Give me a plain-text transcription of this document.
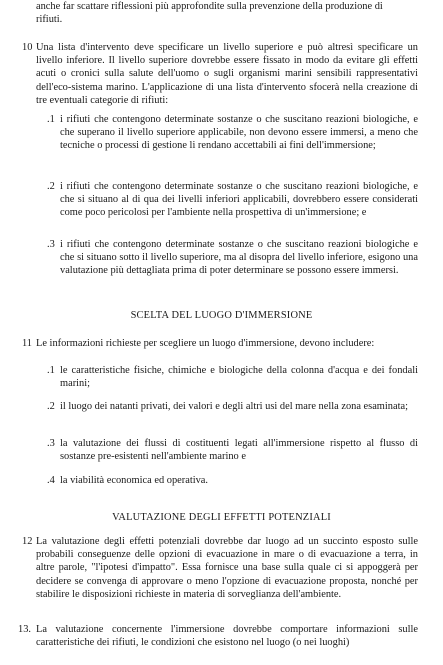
anche far scattare riflessioni più approfondite sulla prevenzione della produzione di

rifiuti.

10 Una lista d'intervento deve specificare un livello superiore e può altresì specificare un livello inferiore. Il livello superiore dovrebbe essere fissato in modo da evitare gli effetti acuti o cronici sulla salute dell'uomo o sugli organismi marini sensibili rappresentativi dell'eco-sistema marino. L'applicazione di una lista d'intervento sfocerà nella creazione di tre eventuali categorie di rifiuti:

.1 i rifiuti che contengono determinate sostanze o che suscitano reazioni biologiche, e che superano il livello superiore applicabile, non devono essere immersi, a meno che tecniche o processi di gestione li rendano accettabili ai fini dell'immersione;

.2 i rifiuti che contengono determinate sostanze o che suscitano reazioni biologiche, e che si situano al di qua dei livelli inferiori applicabili, dovrebbero essere considerati come poco pericolosi per l'ambiente nella prospettiva di un'immersione; e

.3 i rifiuti che contengono determinate sostanze o che suscitano reazioni biologiche e che si situano sotto il livello superiore, ma al disopra del livello inferiore, esigono una valutazione più dettagliata prima di poter determinare se possono essere immersi.

SCELTA DEL LUOGO D'IMMERSIONE
11 Le informazioni richieste per scegliere un luogo d'immersione, devono includere:

.1 le caratteristiche fisiche, chimiche e biologiche della colonna d'acqua e dei fondali marini;

.2 il luogo dei natanti privati, dei valori e degli altri usi del mare nella zona esaminata;

.3 la valutazione dei flussi di costituenti legati all'immersione rispetto al flusso di sostanze pre-esistenti nell'ambiente marino e

.4 la viabilità economica ed operativa.

VALUTAZIONE DEGLI EFFETTI POTENZIALI
12 La valutazione degli effetti potenziali dovrebbe dar luogo ad un succinto esposto sulle probabili conseguenze delle opzioni di evacuazione in mare o di evacuazione a terra, in altre parole, "l'ipotesi d'impatto". Essa fornisce una base sulla quale ci si appoggerà per decidere se convenga di approvare o meno l'opzione di evacuazione proposta, nonché per stabilire le disposizioni richieste in materia di sorveglianza dell'ambiente.

13. La valutazione concernente l'immersione dovrebbe comportare informazioni sulle caratteristiche dei rifiuti, le condizioni che esistono nel luogo (o nei luoghi)
